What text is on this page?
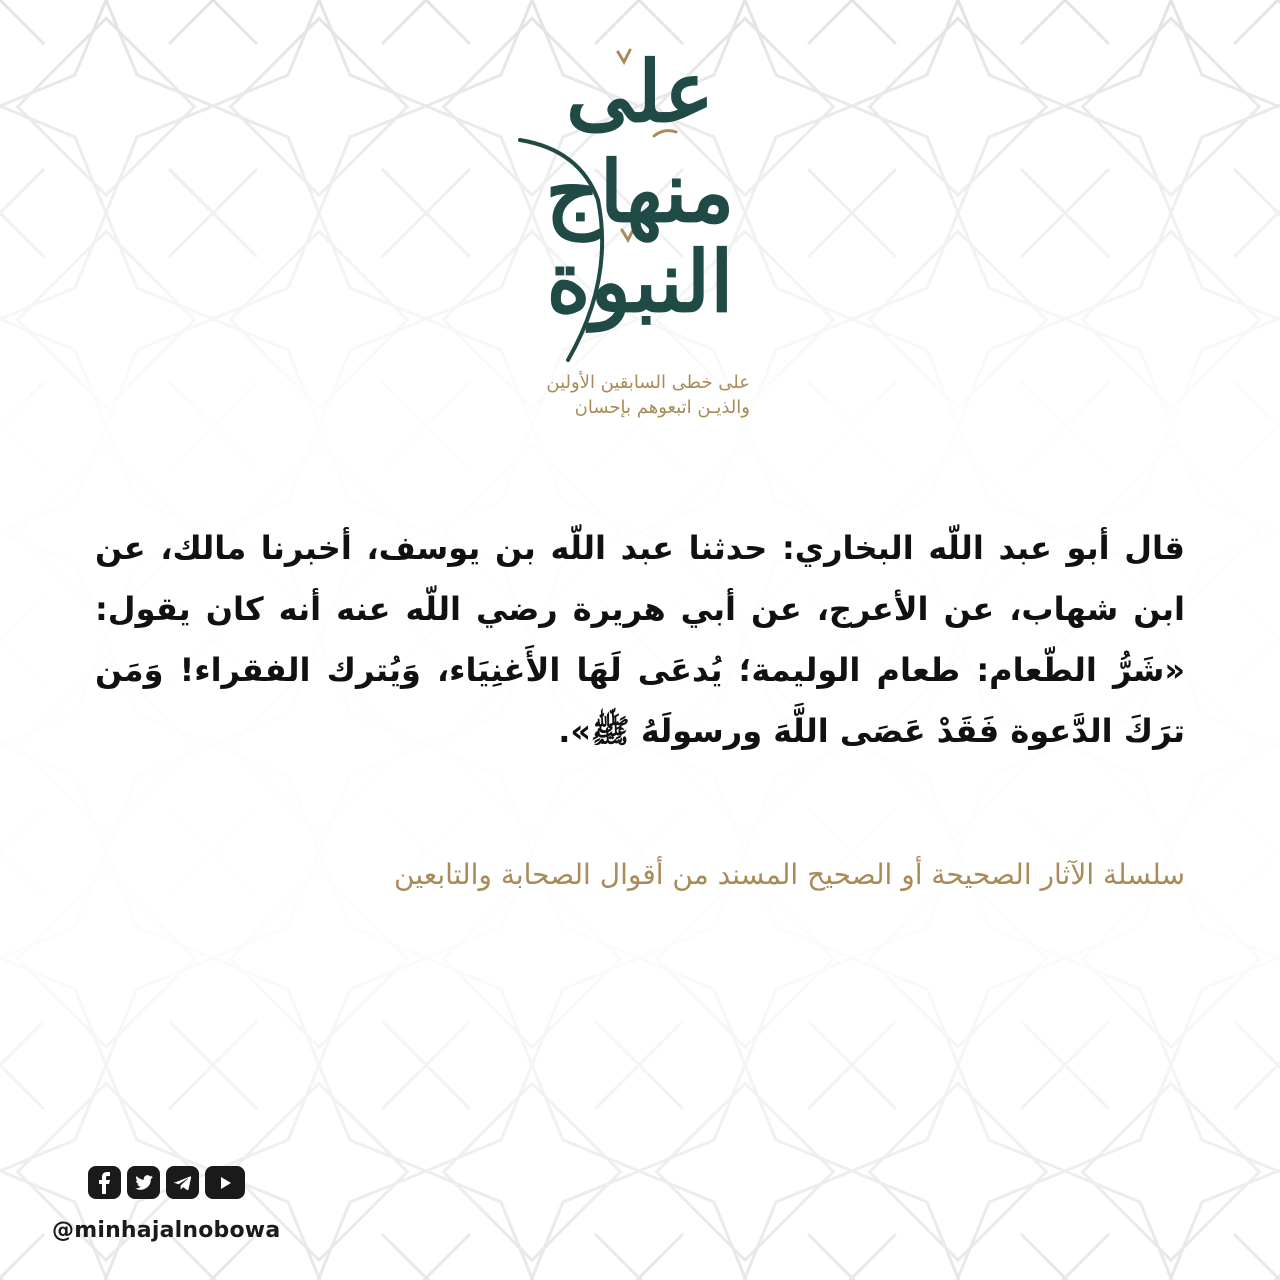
على
منهاج
النبوة
على خطى السابقين الأولين
والذيـن اتبعوهم بإحسان
قال أبو عبد اللّه البخاري: حدثنا عبد اللّه بن يوسف، أخبرنا مالك، عن ابن شهاب، عن الأعرج، عن أبي هريرة رضي اللّه عنه أنه كان يقول: «شَرُّ الطّعام: طعام الوليمة؛ يُدعَى لَهَا الأَغنِيَاء، وَيُترك الفقراء! وَمَن ترَكَ الدَّعوة فَقَدْ عَصَى اللَّهَ ورسولَهُ ﷺ».
سلسلة الآثار الصحيحة أو الصحيح المسند من أقوال الصحابة والتابعين
@minhajalnobowa
